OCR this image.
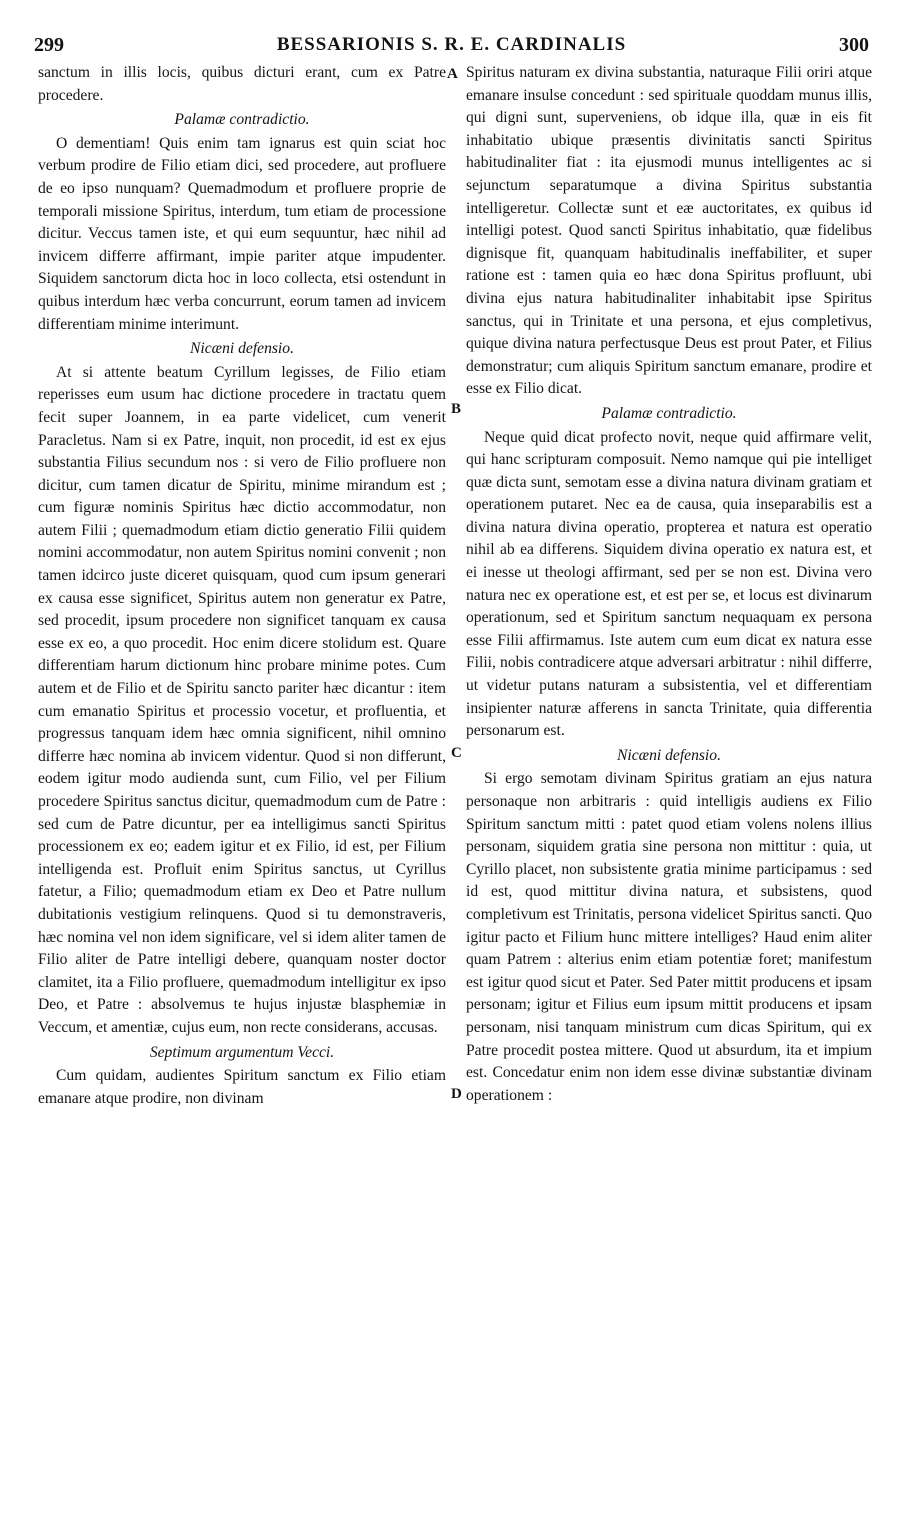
299	BESSARIONIS S. R. E. CARDINALIS	300
A
B
C
D

sanctum in illis locis, quibus dicturi erant, cum ex Patre procedere.

Palamæ contradictio.

O dementiam! Quis enim tam ignarus est quin sciat hoc verbum prodire de Filio etiam dici, sed procedere, aut profluere de eo ipso nunquam? Quemadmodum et profluere proprie de temporali missione Spiritus, interdum, tum etiam de processione dicitur. Veccus tamen iste, et qui eum sequuntur, hæc nihil ad invicem differre affirmant, impie pariter atque impudenter. Siquidem sanctorum dicta hoc in loco collecta, etsi ostendunt in quibus interdum hæc verba concurrunt, eorum tamen ad invicem differentiam minime interimunt.

Nicæni defensio.

At si attente beatum Cyrillum legisses, de Filio etiam reperisses eum usum hac dictione procedere in tractatu quem fecit super Joannem, in ea parte videlicet, cum venerit Paracletus. Nam si ex Patre, inquit, non procedit, id est ex ejus substantia Filius secundum nos : si vero de Filio profluere non dicitur, cum tamen dicatur de Spiritu, minime mirandum est ; cum figuræ nominis Spiritus hæc dictio accommodatur, non autem Filii ; quemadmodum etiam dictio generatio Filii quidem nomini accommodatur, non autem Spiritus nomini convenit ; non tamen idcirco juste diceret quisquam, quod cum ipsum generari ex causa esse significet, Spiritus autem non generatur ex Patre, sed procedit, ipsum procedere non significet tanquam ex causa esse ex eo, a quo procedit. Hoc enim dicere stolidum est. Quare differentiam harum dictionum hinc probare minime potes. Cum autem et de Filio et de Spiritu sancto pariter hæc dicantur : item cum emanatio Spiritus et processio vocetur, et profluentia, et progressus tanquam idem hæc omnia significent, nihil omnino differre hæc nomina ab invicem videntur. Quod si non differunt, eodem igitur modo audienda sunt, cum Filio, vel per Filium procedere Spiritus sanctus dicitur, quemadmodum cum de Patre : sed cum de Patre dicuntur, per ea intelligimus sancti Spiritus processionem ex eo; eadem igitur et ex Filio, id est, per Filium intelligenda est. Profluit enim Spiritus sanctus, ut Cyrillus fatetur, a Filio; quemadmodum etiam ex Deo et Patre nullum dubitationis vestigium relinquens. Quod si tu demonstraveris, hæc nomina vel non idem significare, vel si idem aliter tamen de Filio aliter de Patre intelligi debere, quanquam noster doctor clamitet, ita a Filio profluere, quemadmodum intelligitur ex ipso Deo, et Patre : absolvemus te hujus injustæ blasphemiæ in Veccum, et amentiæ, cujus eum, non recte considerans, accusas.

Septimum argumentum Vecci.

Cum quidam, audientes Spiritum sanctum ex Filio etiam emanare atque prodire, non divinam

Spiritus naturam ex divina substantia, naturaque Filii oriri atque emanare insulse concedunt : sed spirituale quoddam munus illis, qui digni sunt, superveniens, ob idque illa, quæ in eis fit inhabitatio ubique præsentis divinitatis sancti Spiritus habitudinaliter fiat : ita ejusmodi munus intelligentes ac si sejunctum separatumque a divina Spiritus substantia intelligeretur. Collectæ sunt et eæ auctoritates, ex quibus id intelligi potest. Quod sancti Spiritus inhabitatio, quæ fidelibus dignisque fit, quanquam habitudinalis ineffabiliter, et super ratione est : tamen quia eo hæc dona Spiritus profluunt, ubi divina ejus natura habitudinaliter inhabitabit ipse Spiritus sanctus, qui in Trinitate et una persona, et ejus completivus, quique divina natura perfectusque Deus est prout Pater, et Filius demonstratur; cum aliquis Spiritum sanctum emanare, prodire et esse ex Filio dicat.

Palamæ contradictio.

Neque quid dicat profecto novit, neque quid affirmare velit, qui hanc scripturam composuit. Nemo namque qui pie intelliget quæ dicta sunt, semotam esse a divina natura divinam gratiam et operationem putaret. Nec ea de causa, quia inseparabilis est a divina natura divina operatio, propterea et natura est operatio nihil ab ea differens. Siquidem divina operatio ex natura est, et ei inesse ut theologi affirmant, sed per se non est. Divina vero natura nec ex operatione est, et est per se, et locus est divinarum operationum, sed et Spiritum sanctum nequaquam ex persona esse Filii affirmamus. Iste autem cum eum dicat ex natura esse Filii, nobis contradicere atque adversari arbitratur : nihil differre, ut videtur putans naturam a subsistentia, vel et differentiam insipienter naturæ afferens in sancta Trinitate, quia differentia personarum est.

Nicæni defensio.

Si ergo semotam divinam Spiritus gratiam an ejus natura personaque non arbitraris : quid intelligis audiens ex Filio Spiritum sanctum mitti : patet quod etiam volens nolens illius personam, siquidem gratia sine persona non mittitur : quia, ut Cyrillo placet, non subsistente gratia minime participamus : sed id est, quod mittitur divina natura, et subsistens, quod completivum est Trinitatis, persona videlicet Spiritus sancti. Quo igitur pacto et Filium hunc mittere intelliges? Haud enim aliter quam Patrem : alterius enim etiam potentiæ foret; manifestum est igitur quod sicut et Pater. Sed Pater mittit producens et ipsam personam; igitur et Filius eum ipsum mittit producens et ipsam personam, nisi tanquam ministrum cum dicas Spiritum, qui ex Patre procedit postea mittere. Quod ut absurdum, ita et impium est. Concedatur enim non idem esse divinæ substantiæ divinam operationem :
